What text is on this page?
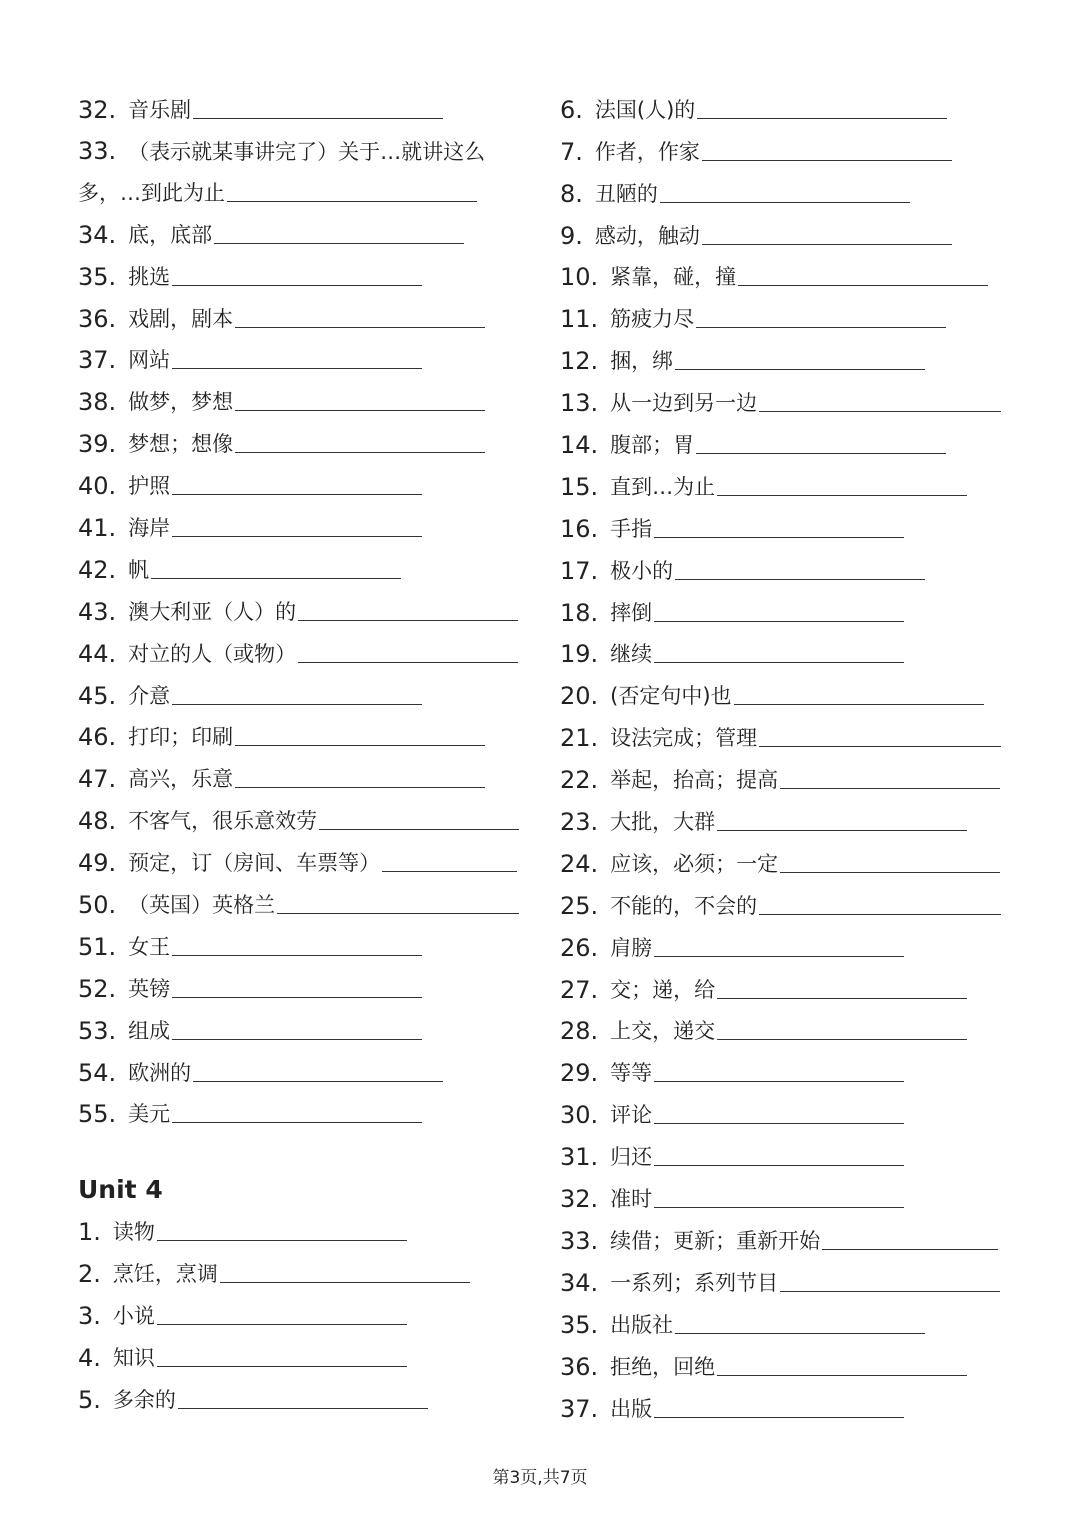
32. 音乐剧
33. （表示就某事讲完了）关于…就讲这么
多，…到此为止
34. 底，底部
35. 挑选
36. 戏剧，剧本
37. 网站
38. 做梦，梦想
39. 梦想；想像
40. 护照
41. 海岸
42. 帆
43. 澳大利亚（人）的
44. 对立的人（或物）
45. 介意
46. 打印；印刷
47. 高兴，乐意
48. 不客气，很乐意效劳
49. 预定，订（房间、车票等）
50. （英国）英格兰
51. 女王
52. 英镑
53. 组成
54. 欧洲的
55. 美元
Unit 4
1. 读物
2. 烹饪，烹调
3. 小说
4. 知识
5. 多余的
6. 法国(人)的
7. 作者，作家
8. 丑陋的
9. 感动，触动
10. 紧靠，碰，撞
11. 筋疲力尽
12. 捆，绑
13. 从一边到另一边
14. 腹部；胃
15. 直到…为止
16. 手指
17. 极小的
18. 摔倒
19. 继续
20. (否定句中)也
21. 设法完成；管理
22. 举起，抬高；提高
23. 大批，大群
24. 应该，必须；一定
25. 不能的，不会的
26. 肩膀
27. 交；递，给
28. 上交，递交
29. 等等
30. 评论
31. 归还
32. 准时
33. 续借；更新；重新开始
34. 一系列；系列节目
35. 出版社
36. 拒绝，回绝
37. 出版
第3页,共7页
